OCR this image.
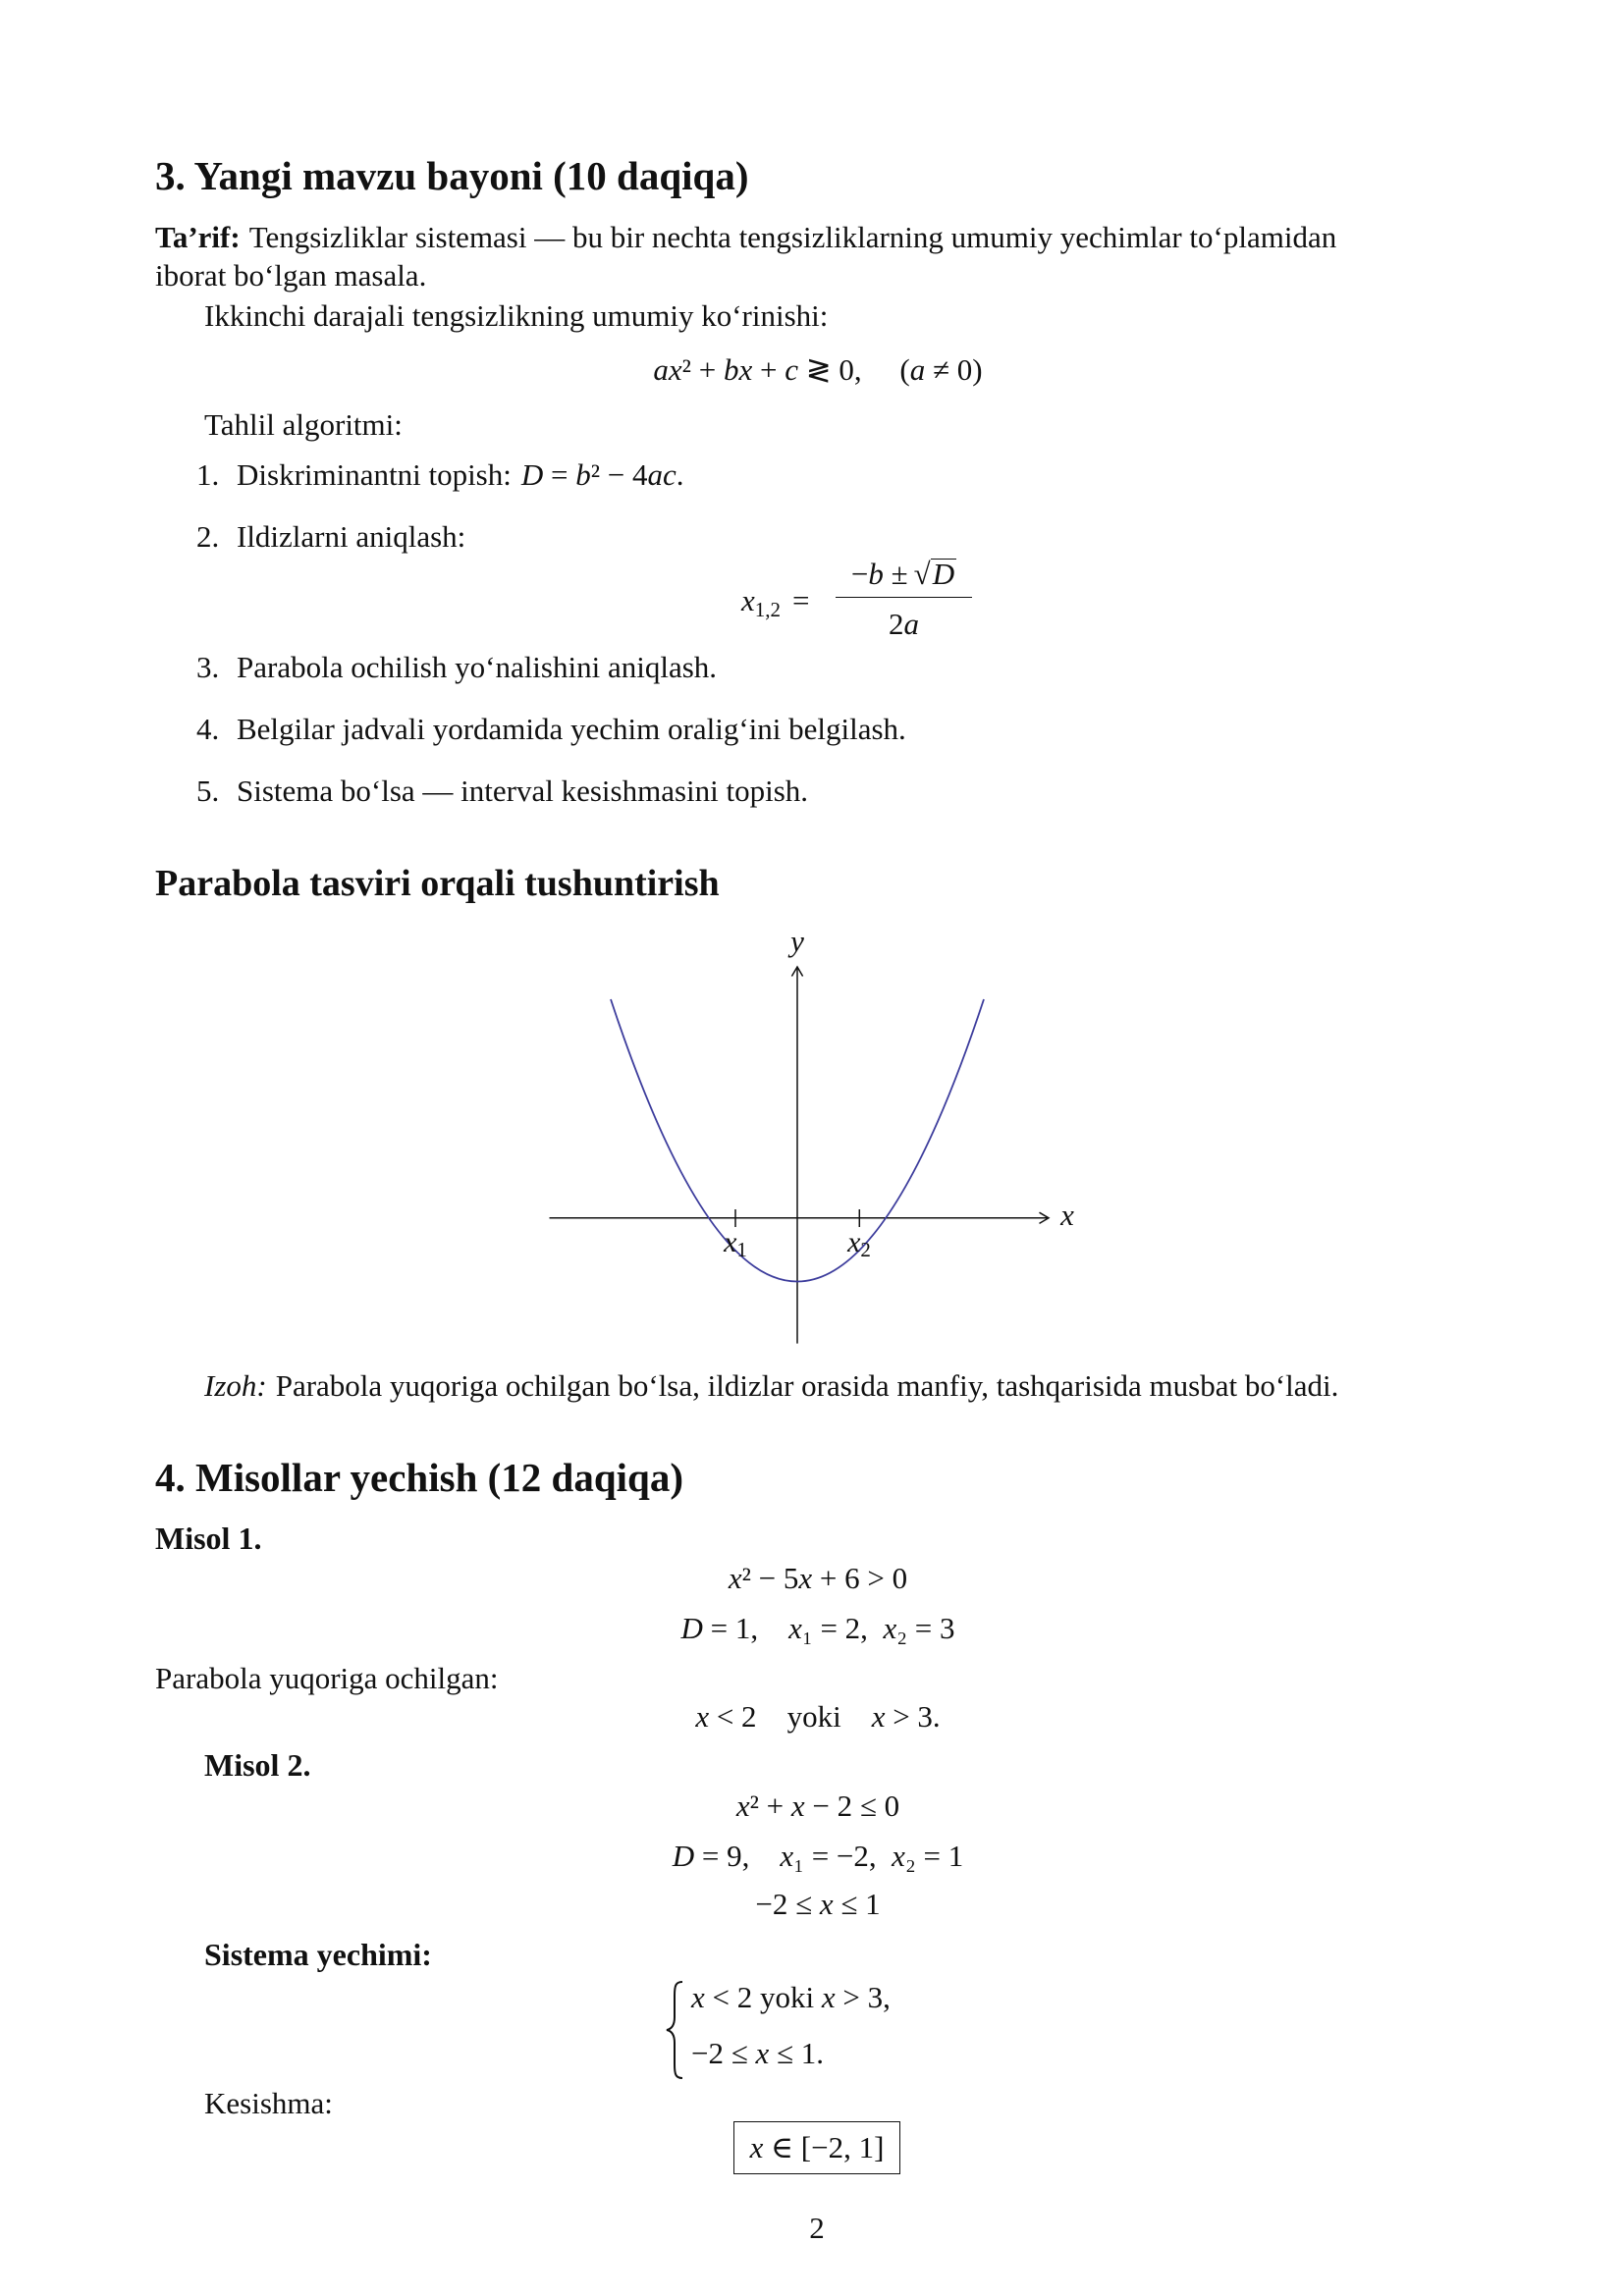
3. Yangi mavzu bayoni (10 daqiqa)
Ta’rif: Tengsizliklar sistemasi — bu bir nechta tengsizliklarning umumiy yechimlar to‘plamidan
iborat bo‘lgan masala.
Ikkinchi darajali tengsizlikning umumiy ko‘rinishi:
ax² + bx + c ≷ 0,     (a ≠ 0)
Tahlil algoritmi:
1. Diskriminantni topish: D = b² − 4ac.
2. Ildizlarni aniqlash:
x1,2 =
−b ± √D
2a
3. Parabola ochilish yo‘nalishini aniqlash.
4. Belgilar jadvali yordamida yechim oralig‘ini belgilash.
5. Sistema bo‘lsa — interval kesishmasini topish.
Parabola tasviri orqali tushuntirish
y
x
x1	x2
Izoh: Parabola yuqoriga ochilgan bo‘lsa, ildizlar orasida manfiy, tashqarisida musbat bo‘ladi.
4. Misollar yechish (12 daqiqa)
Misol 1.
x² − 5x + 6 > 0
D = 1,    x₁ = 2,  x₂ = 3
Parabola yuqoriga ochilgan:
x < 2    yoki x > 3.
Misol 2.
x² + x − 2 ≤ 0
D = 9,    x₁ = −2,  x₂ = 1
−2 ≤ x ≤ 1
Sistema yechimi:
x < 2 yoki x > 3,
−2 ≤ x ≤ 1.
Kesishma:
x ∈ [−2, 1]
2
